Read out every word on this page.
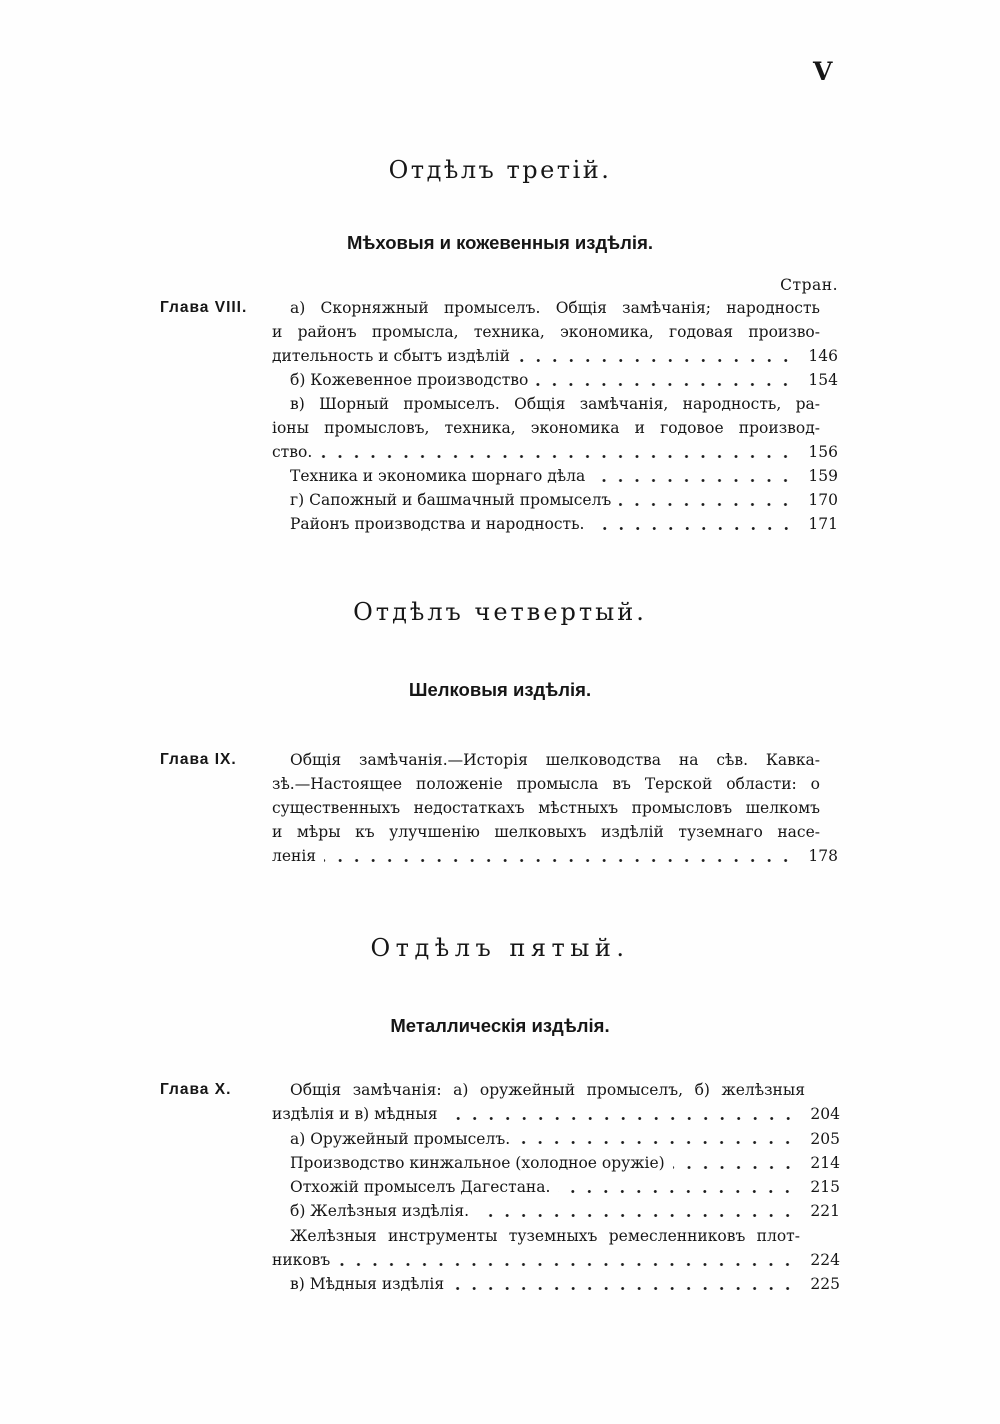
V
Отдѣлъ третій.
Мѣховыя и кожевенныя издѣлія.
Стран.
Глава VIII.	а) Скорняжный промыселъ. Общія замѣчанія; народность
и районъ промысла, техника, экономика, годовая произво-
дительность и сбытъ издѣлій	146
б) Кожевенное производство	154
в) Шорный промыселъ. Общія замѣчанія, народность, ра-
іоны промысловъ, техника, экономика и годовое производ-
ство.	156
Техника и экономика шорнаго дѣла	159
г) Сапожный и башмачный промыселъ	170
Районъ производства и народность.	171
Отдѣлъ четвертый.
Шелковыя издѣлія.
Глава IX.	Общія замѣчанія.—Исторія шелководства на сѣв. Кавка-
зѣ.—Настоящее положеніе промысла въ Терской области: о
существенныхъ недостаткахъ мѣстныхъ промысловъ шелкомъ
и мѣры къ улучшенію шелковыхъ издѣлій туземнаго насе-
ленія	178
Отдѣлъ пятый.
Металлическія издѣлія.
Глава X.	Общія замѣчанія: а) оружейный промыселъ, б) желѣзныя
издѣлія и в) мѣдныя	204
а) Оружейный промыселъ.	205
Производство кинжальное (холодное оружіе)	214
Отхожій промыселъ Дагестана.	215
б) Желѣзныя издѣлія.	221
Желѣзныя инструменты туземныхъ ремесленниковъ плот-
никовъ	224
в) Мѣдныя издѣлія	225
